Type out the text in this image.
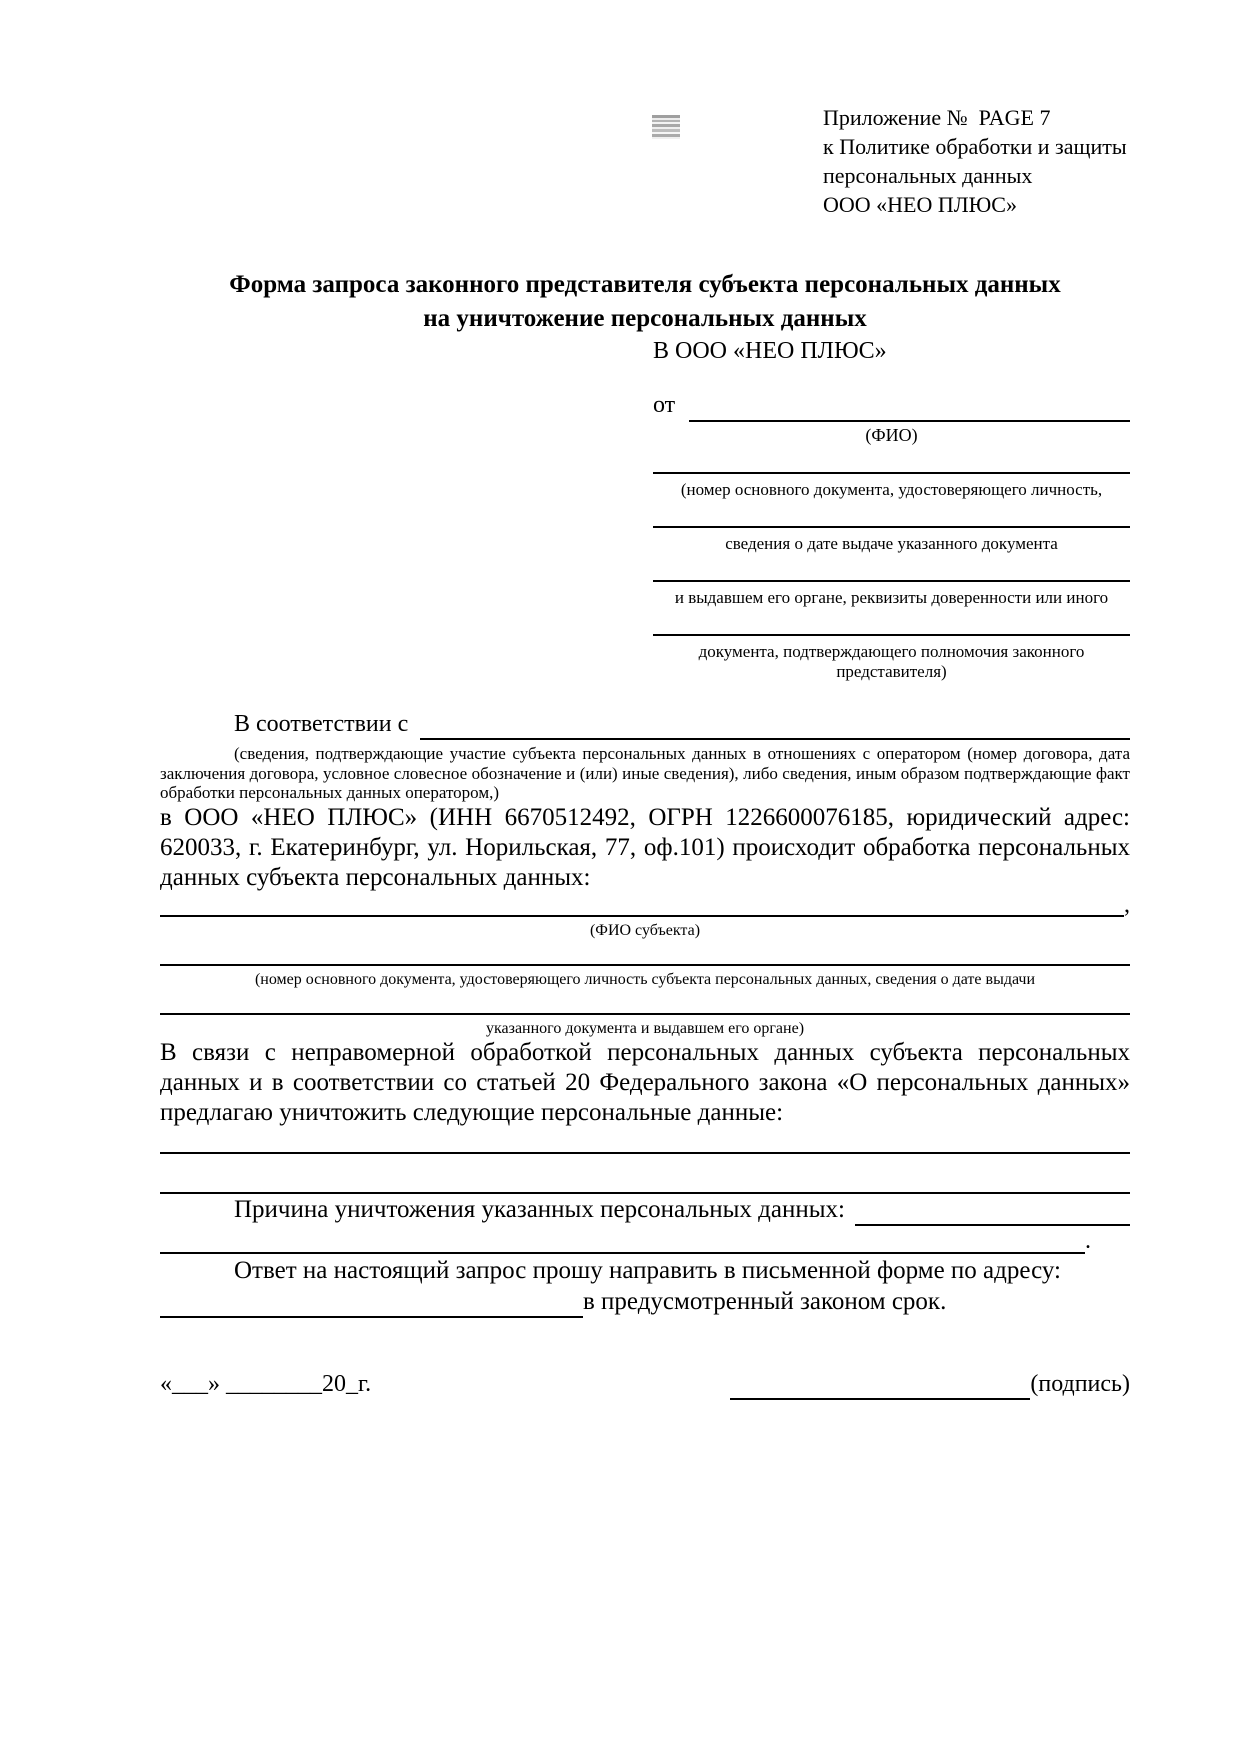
Приложение №  PAGE 7
к Политике обработки и защиты
персональных данных
ООО «НЕО ПЛЮС»
Форма запроса законного представителя субъекта персональных данных
на уничтожение персональных данных
В ООО «НЕО ПЛЮС»
от
(ФИО)
(номер основного документа, удостоверяющего личность,
сведения о дате выдаче указанного документа
и выдавшем его органе, реквизиты доверенности или иного
документа, подтверждающего полномочия законного представителя)
В соответствии с
(сведения, подтверждающие участие субъекта персональных данных в отношениях с оператором (номер договора, дата заключения договора, условное словесное обозначение и (или) иные сведения), либо сведения, иным образом подтверждающие факт обработки персональных данных оператором,)
в ООО «НЕО ПЛЮС» (ИНН 6670512492, ОГРН 1226600076185, юридический адрес: 620033, г. Екатеринбург, ул. Норильская, 77, оф.101) происходит обработка персональных данных субъекта персональных данных:
,
(ФИО субъекта)
(номер основного документа, удостоверяющего личность субъекта персональных данных, сведения о дате выдачи
указанного документа и выдавшем его органе)
В связи с неправомерной обработкой персональных данных субъекта персональных данных и в соответствии со статьей 20 Федерального закона «О персональных данных» предлагаю уничтожить следующие персональные данные:
Причина уничтожения указанных персональных данных:
.
Ответ на настоящий запрос прошу направить в письменной форме по адресу:
в предусмотренный законом срок.
«___» ________20_г.	(подпись)
